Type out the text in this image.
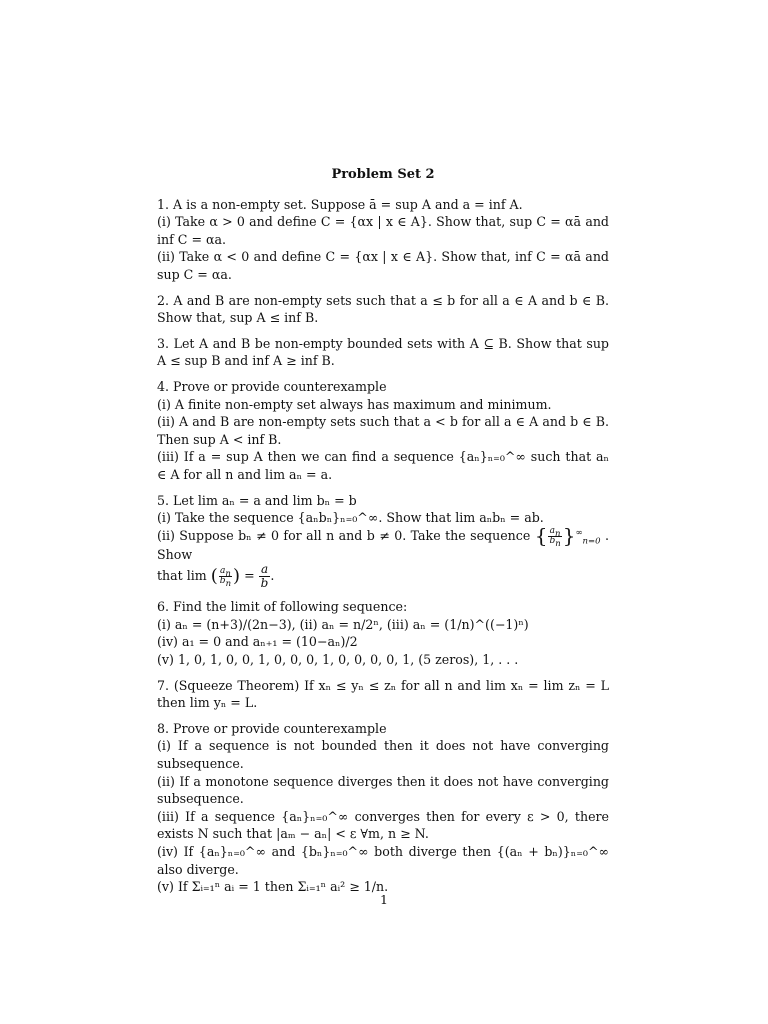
Problem Set 2
1. A is a non-empty set. Suppose ā = sup A and a = inf A.
(i) Take α > 0 and define C = {αx | x ∈ A}. Show that, sup C = αā and inf C = αa.
(ii) Take α < 0 and define C = {αx | x ∈ A}. Show that, inf C = αā and sup C = αa.
2. A and B are non-empty sets such that a ≤ b for all a ∈ A and b ∈ B. Show that, sup A ≤ inf B.
3. Let A and B be non-empty bounded sets with A ⊆ B. Show that sup A ≤ sup B and inf A ≥ inf B.
4. Prove or provide counterexample
(i) A finite non-empty set always has maximum and minimum.
(ii) A and B are non-empty sets such that a < b for all a ∈ A and b ∈ B. Then sup A < inf B.
(iii) If a = sup A then we can find a sequence {aₙ}ₙ₌₀^∞ such that aₙ ∈ A for all n and lim aₙ = a.
5. Let lim aₙ = a and lim bₙ = b
(i) Take the sequence {aₙbₙ}ₙ₌₀^∞. Show that lim aₙbₙ = ab.
(ii) Suppose bₙ ≠ 0 for all n and b ≠ 0. Take the sequence { $\frac{a_n}{b_n} \}^\infty_{n=0}$ . Show
that lim ( $\frac{a_n}{b_n}$ ) = $\frac{a}{b}$ .
6. Find the limit of following sequence:
(i) aₙ = (n+3)/(2n−3), (ii) aₙ = n/2ⁿ, (iii) aₙ = (1/n)^((−1)ⁿ)
(iv) a₁ = 0 and aₙ₊₁ = (10−aₙ)/2
(v) 1, 0, 1, 0, 0, 1, 0, 0, 0, 1, 0, 0, 0, 0, 1, (5 zeros), 1, . . .
7. (Squeeze Theorem) If xₙ ≤ yₙ ≤ zₙ for all n and lim xₙ = lim zₙ = L then lim yₙ = L.
8. Prove or provide counterexample
(i) If a sequence is not bounded then it does not have converging subsequence.
(ii) If a monotone sequence diverges then it does not have converging subsequence.
(iii) If a sequence {aₙ}ₙ₌₀^∞ converges then for every ε > 0, there exists N such that |aₘ − aₙ| < ε ∀m, n ≥ N.
(iv) If {aₙ}ₙ₌₀^∞ and {bₙ}ₙ₌₀^∞ both diverge then {(aₙ + bₙ)}ₙ₌₀^∞ also diverge.
(v) If Σᵢ₌₁ⁿ aᵢ = 1 then Σᵢ₌₁ⁿ aᵢ² ≥ 1/n.
1
